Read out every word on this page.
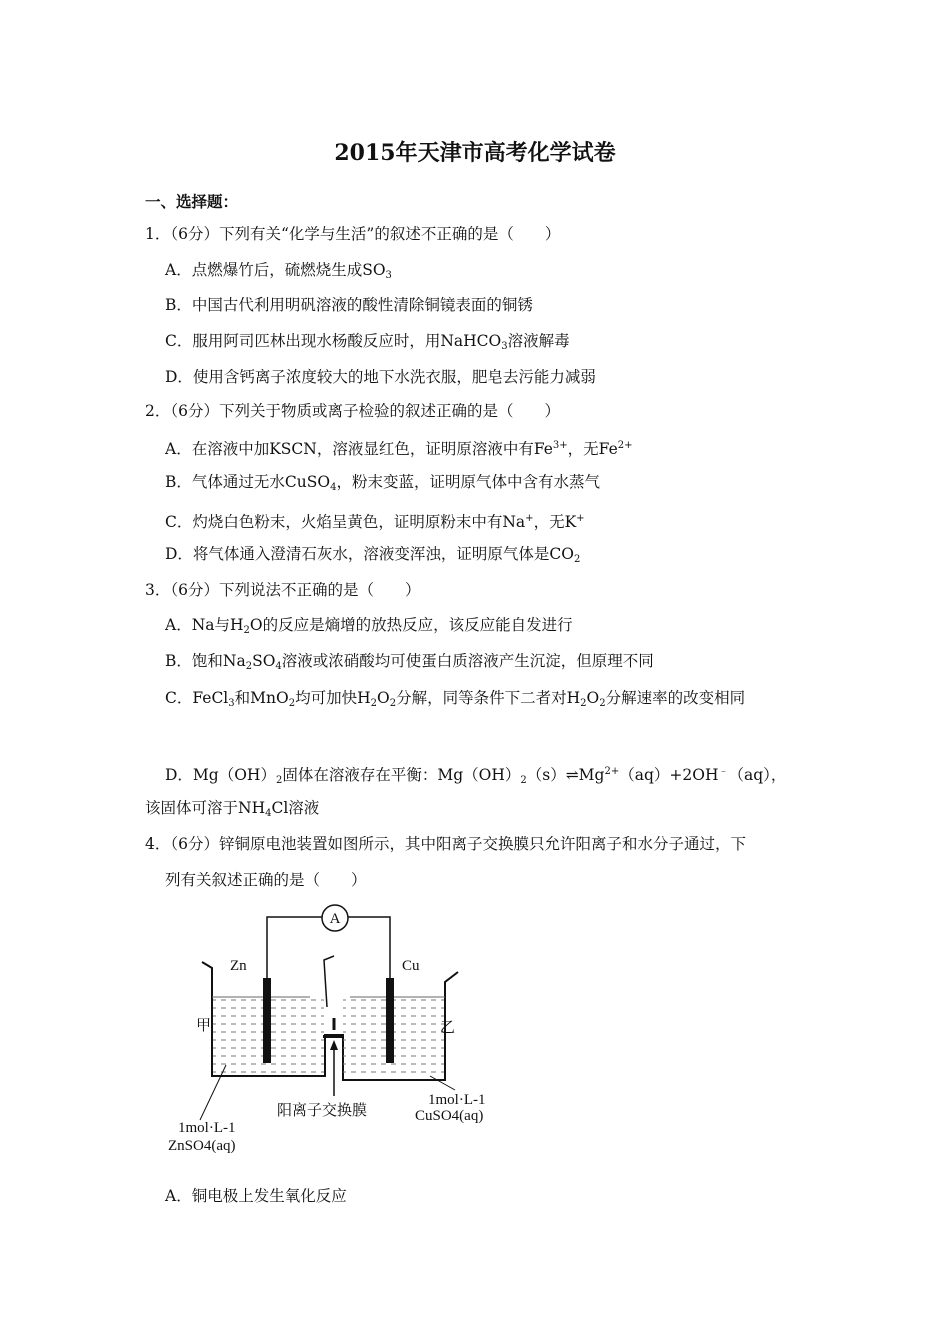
2015年天津市高考化学试卷
一、选择题：
1．（6分）下列有关“化学与生活”的叙述不正确的是（　　）
A．点燃爆竹后，硫燃烧生成$SO_3$
B．中国古代利用明矾溶液的酸性清除铜镜表面的铜锈
C．服用阿司匹林出现水杨酸反应时，用NaHCO$_3$溶液解毒
D．使用含钙离子浓度较大的地下水洗衣服，肥皂去污能力减弱
2．（6分）下列关于物质或离子检验的叙述正确的是（　　）
A．在溶液中加KSCN，溶液显红色，证明原溶液中有$Fe^{3+}$，无$Fe^{2+}$
B．气体通过无水CuSO$_4$，粉末变蓝，证明原气体中含有水蒸气
C．灼烧白色粉末，火焰呈黄色，证明原粉末中有Na+，无K+
D．将气体通入澄清石灰水，溶液变浑浊，证明原气体是$CO_2$
3．（6分）下列说法不正确的是（　　）
A．Na与$H_2O$的反应是熵增的放热反应，该反应能自发进行
B．饱和$Na_2SO_4$溶液或浓硝酸均可使蛋白质溶液产生沉淀，但原理不同
C．FeCl$_3$和MnO$_2$均可加快$H_2O_2$分解，同等条件下二者对$H_2O_2$分解速率的改变相同
D．$Mg(OH)_2$固体在溶液存在平衡：$Mg(OH)_2(s)\rightleftharpoons Mg^{2+}(aq)+2OH^﹣(aq)$，
该固体可溶于$NH_4Cl$溶液
4．（6分）锌铜原电池装置如图所示，其中阳离子交换膜只允许阳离子和水分子通过，下
列有关叙述正确的是（　　）
A．铜电极上发生氧化反应
A
Zn	Cu
甲	乙
阳离子交换膜
1mol·L-1
ZnSO4(aq)
1mol·L-1
CuSO4(aq)
